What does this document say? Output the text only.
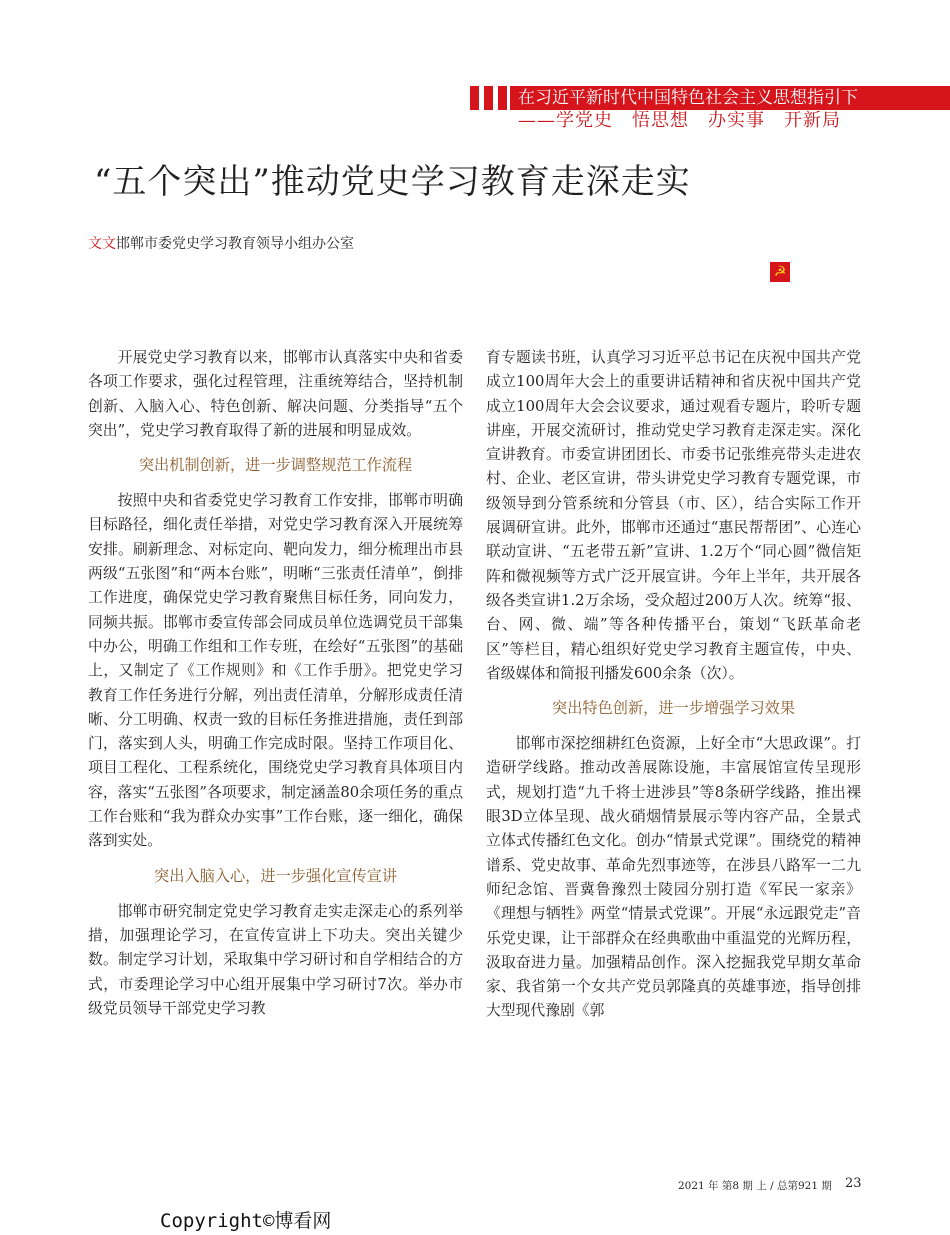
在习近平新时代中国特色社会主义思想指引下
——学党史　悟思想　办实事　开新局
“五个突出”推动党史学习教育走深走实
文文邯郸市委党史学习教育领导小组办公室
☭

开展党史学习教育以来，邯郸市认真落实中央和省委各项工作要求，强化过程管理，注重统筹结合，坚持机制创新、入脑入心、特色创新、解决问题、分类指导“五个突出”，党史学习教育取得了新的进展和明显成效。

突出机制创新，进一步调整规范工作流程

按照中央和省委党史学习教育工作安排，邯郸市明确目标路径，细化责任举措，对党史学习教育深入开展统筹安排。刷新理念、对标定向、靶向发力，细分梳理出市县两级“五张图”和“两本台账”，明晰“三张责任清单”，倒排工作进度，确保党史学习教育聚焦目标任务，同向发力，同频共振。邯郸市委宣传部会同成员单位选调党员干部集中办公，明确工作组和工作专班，在绘好“五张图”的基础上，又制定了《工作规则》和《工作手册》。把党史学习教育工作任务进行分解，列出责任清单，分解形成责任清晰、分工明确、权责一致的目标任务推进措施，责任到部门，落实到人头，明确工作完成时限。坚持工作项目化、项目工程化、工程系统化，围绕党史学习教育具体项目内容，落实“五张图”各项要求，制定涵盖80余项任务的重点工作台账和“我为群众办实事”工作台账，逐一细化，确保落到实处。

突出入脑入心，进一步强化宣传宣讲

邯郸市研究制定党史学习教育走实走深走心的系列举措，加强理论学习，在宣传宣讲上下功夫。突出关键少数。制定学习计划，采取集中学习研讨和自学相结合的方式，市委理论学习中心组开展集中学习研讨7次。举办市级党员领导干部党史学习教

育专题读书班，认真学习习近平总书记在庆祝中国共产党成立100周年大会上的重要讲话精神和省庆祝中国共产党成立100周年大会会议要求，通过观看专题片，聆听专题讲座，开展交流研讨，推动党史学习教育走深走实。深化宣讲教育。市委宣讲团团长、市委书记张维亮带头走进农村、企业、老区宣讲，带头讲党史学习教育专题党课，市级领导到分管系统和分管县（市、区），结合实际工作开展调研宣讲。此外，邯郸市还通过“惠民帮帮团”、心连心联动宣讲、“五老带五新”宣讲、1.2万个“同心圆”微信矩阵和微视频等方式广泛开展宣讲。今年上半年，共开展各级各类宣讲1.2万余场，受众超过200万人次。统筹“报、台、网、微、端”等各种传播平台，策划“飞跃革命老区”等栏目，精心组织好党史学习教育主题宣传，中央、省级媒体和简报刊播发600余条（次）。

突出特色创新，进一步增强学习效果

邯郸市深挖细耕红色资源，上好全市“大思政课”。打造研学线路。推动改善展陈设施，丰富展馆宣传呈现形式，规划打造“九千将士进涉县”等8条研学线路，推出裸眼3D立体呈现、战火硝烟情景展示等内容产品，全景式立体式传播红色文化。创办“情景式党课”。围绕党的精神谱系、党史故事、革命先烈事迹等，在涉县八路军一二九师纪念馆、晋冀鲁豫烈士陵园分别打造《军民一家亲》《理想与牺牲》两堂“情景式党课”。开展“永远跟党走”音乐党史课，让干部群众在经典歌曲中重温党的光辉历程，汲取奋进力量。加强精品创作。深入挖掘我党早期女革命家、我省第一个女共产党员郭隆真的英雄事迹，指导创排大型现代豫剧《郭

2021 年 第8 期 上 / 总第921 期 23
Copyright©博看网
